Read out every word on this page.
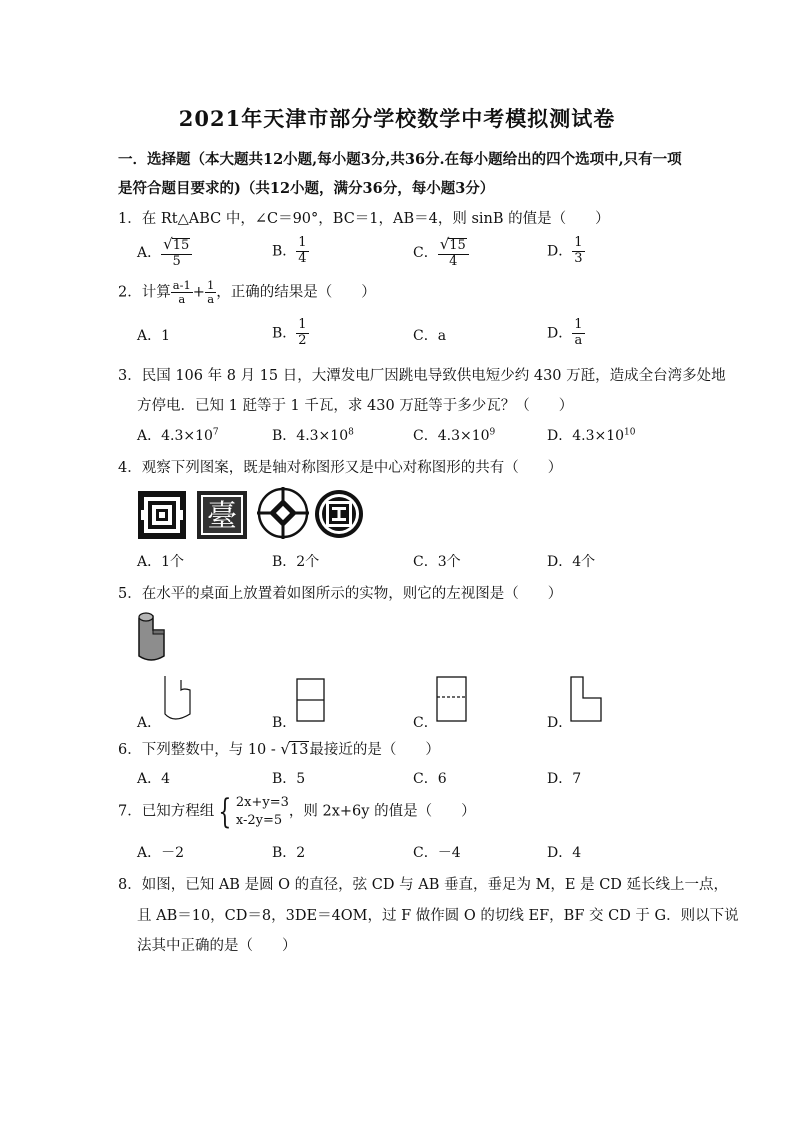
2021年天津市部分学校数学中考模拟测试卷
一．选择题（本大题共12小题,每小题3分,共36分.在每小题给出的四个选项中,只有一项
是符合题目要求的)（共12小题，满分36分，每小题3分）
1．在 Rt△ABC 中，∠C＝90°，BC＝1，AB＝4，则 sinB 的值是（　　）
A． $\frac{√15}{5}$	B． $\frac{1}{4}$	C． $\frac{√15}{4}$	D． $\frac{1}{3}$
2．计算 $\frac{a-1}{a} + \frac{1}{a}$ ，正确的结果是（　　）
A．1	B． $\frac{1}{2}$	C．a	D． $\frac{1}{a}$
3．民国 106 年 8 月 15 日，大潭发电厂因跳电导致供电短少约 430 万瓩，造成全台湾多处地
方停电．已知 1 瓩等于 1 千瓦，求 430 万瓩等于多少瓦？（　　）
A．$4.3\times 10^7$	B．$4.3\times 10^8$	C．$4.3\times 10^9$	D．$4.3\times 10^{10}$
4．观察下列图案，既是轴对称图形又是中心对称图形的共有（　　）
臺
A．1个	B．2个	C．3个	D．4个
5．在水平的桌面上放置着如图所示的实物，则它的左视图是（　　）
A．	B．	C．	D．
6．下列整数中，与 10 - √13最接近的是（　　）
A．4	B．5	C．6	D．7
7．已知方程组 { 2x+y=3
x-2y=5
，则 2x+6y 的值是（　　）
A．－2	B．2	C．－4	D．4
8．如图，已知 AB 是圆 O 的直径，弦 CD 与 AB 垂直，垂足为 M，E 是 CD 延长线上一点，
且 AB＝10，CD＝8，3DE＝4OM，过 F 做作圆 O 的切线 EF，BF 交 CD 于 G．则以下说
法其中正确的是（　　）
